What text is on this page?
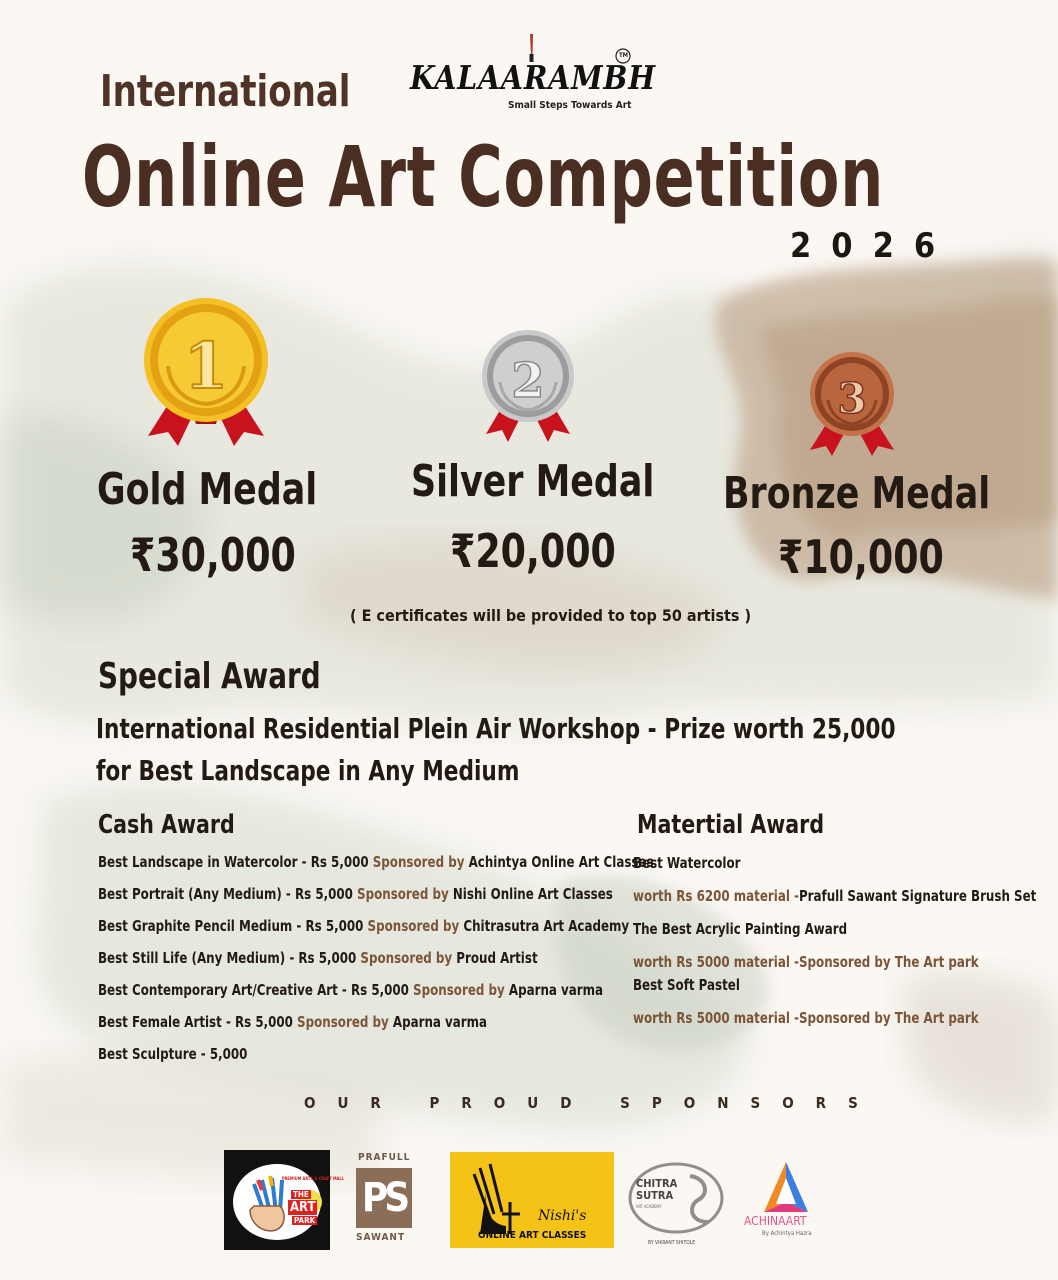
International KALAARAMBH
TM
Small Steps Towards Art
Online Art Competition
2026
1	2	3
Gold Medal
₹30,000
Silver Medal
₹20,000
Bronze Medal
₹10,000
( E certificates will be provided to top 50 artists )
Special Award
International Residential Plein Air Workshop - Prize worth 25,000
for Best Landscape in Any Medium
Cash Award
Best Landscape in Watercolor - Rs 5,000 Sponsored by Achintya Online Art Classes
Best Portrait (Any Medium) - Rs 5,000 Sponsored by Nishi Online Art Classes
Best Graphite Pencil Medium - Rs 5,000 Sponsored by Chitrasutra Art Academy
Best Still Life (Any Medium) - Rs 5,000 Sponsored by Proud Artist
Best Contemporary Art/Creative Art - Rs 5,000 Sponsored by Aparna varma
Best Female Artist - Rs 5,000 Sponsored by Aparna varma
Best Sculpture - 5,000
Matertial Award
Best Watercolor
worth Rs 6200 material -Prafull Sawant Signature Brush Set
The Best Acrylic Painting Award
worth Rs 5000 material -Sponsored by The Art park
Best Soft Pastel
worth Rs 5000 material -Sponsored by The Art park
OUR PROUD SPONSORS
PREMIUM ARTS & CRAFT MALL
THE
ART
PARK
PRAFULL
PS
SAWANT
Nishi's
ONLINE ART CLASSES
CHITRA
SUTRA
ART ACADEMY
BY VIKRANT SHITOLE
ACHINAART
By Achintya Hazra
